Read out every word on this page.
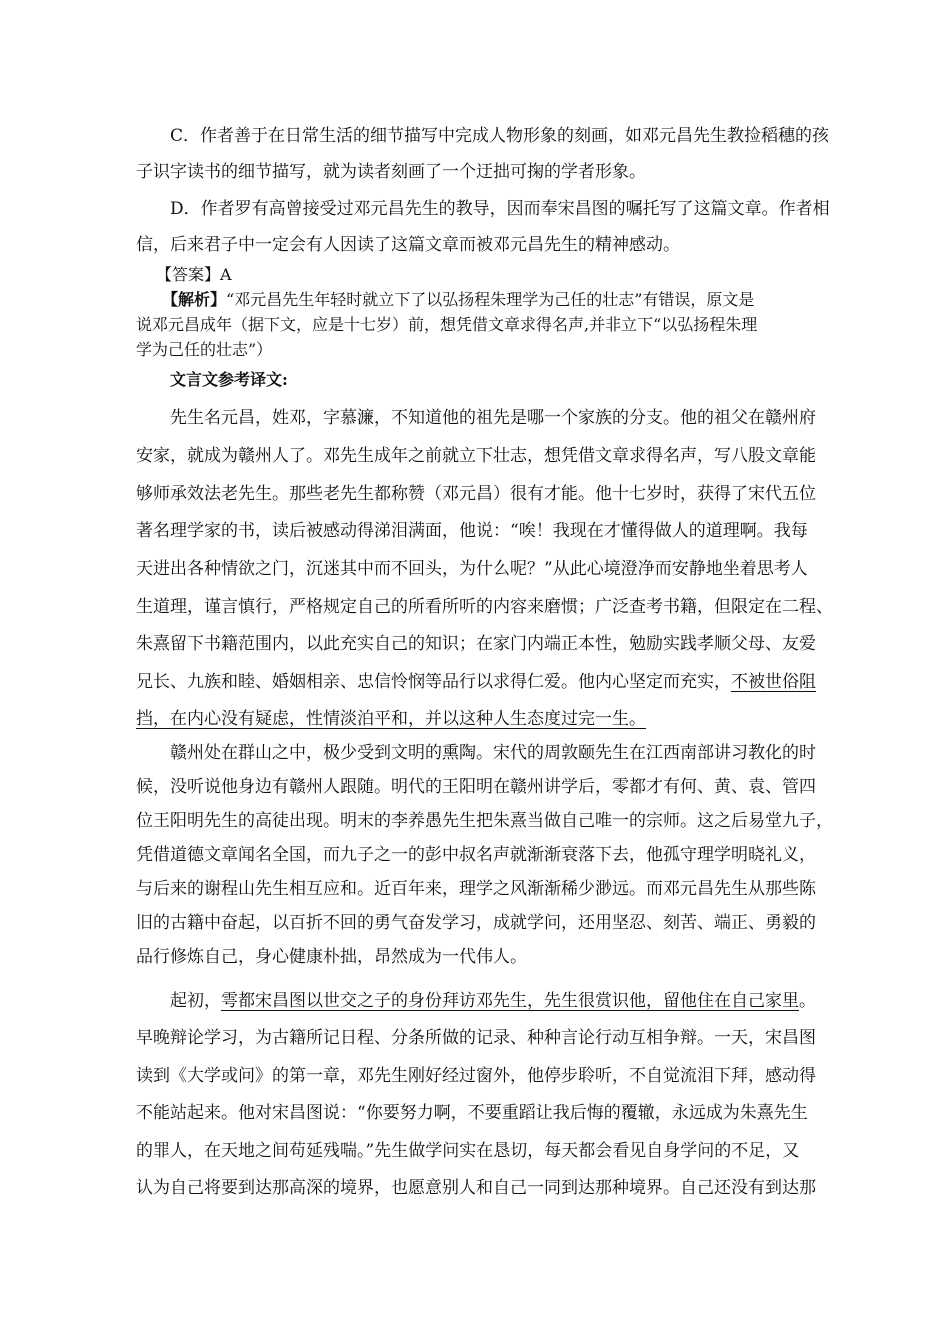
C．作者善于在日常生活的细节描写中完成人物形象的刻画，如邓元昌先生教捡稻穗的孩
子识字读书的细节描写，就为读者刻画了一个迂拙可掬的学者形象。
D．作者罗有高曾接受过邓元昌先生的教导，因而奉宋昌图的嘱托写了这篇文章。作者相
信，后来君子中一定会有人因读了这篇文章而被邓元昌先生的精神感动。
【答案】A
【解析】“邓元昌先生年轻时就立下了以弘扬程朱理学为己任的壮志”有错误，原文是
说邓元昌成年（据下文，应是十七岁）前，想凭借文章求得名声,并非立下“以弘扬程朱理
学为己任的壮志”）
文言文参考译文:
先生名元昌，姓邓，字慕濂，不知道他的祖先是哪一个家族的分支。他的祖父在赣州府
安家，就成为赣州人了。邓先生成年之前就立下壮志，想凭借文章求得名声，写八股文章能
够师承效法老先生。那些老先生都称赞（邓元昌）很有才能。他十七岁时，获得了宋代五位
著名理学家的书，读后被感动得涕泪满面，他说：“唉！我现在才懂得做人的道理啊。我每
天进出各种情欲之门，沉迷其中而不回头，为什么呢？”从此心境澄净而安静地坐着思考人
生道理，谨言慎行，严格规定自己的所看所听的内容来磨惯；广泛查考书籍，但限定在二程、
朱熹留下书籍范围内，以此充实自己的知识；在家门内端正本性，勉励实践孝顺父母、友爱
兄长、九族和睦、婚姻相亲、忠信怜悯等品行以求得仁爱。他内心坚定而充实，不被世俗阻
挡，在内心没有疑虑，性情淡泊平和，并以这种人生态度过完一生。
赣州处在群山之中，极少受到文明的熏陶。宋代的周敦颐先生在江西南部讲习教化的时
候，没听说他身边有赣州人跟随。明代的王阳明在赣州讲学后，零都才有何、黄、袁、管四
位王阳明先生的高徒出现。明末的李养愚先生把朱熹当做自己唯一的宗师。这之后易堂九子，
凭借道德文章闻名全国，而九子之一的彭中叔名声就渐渐衰落下去，他孤守理学明晓礼义，
与后来的谢程山先生相互应和。近百年来，理学之风渐渐稀少渺远。而邓元昌先生从那些陈
旧的古籍中奋起，以百折不回的勇气奋发学习，成就学问，还用坚忍、刻苦、端正、勇毅的
品行修炼自己，身心健康朴拙，昂然成为一代伟人。
起初，雩都宋昌图以世交之子的身份拜访邓先生，先生很赏识他，留他住在自己家里。
早晚辩论学习，为古籍所记日程、分条所做的记录、种种言论行动互相争辩。一天，宋昌图
读到《大学或问》的第一章，邓先生刚好经过窗外，他停步聆听，不自觉流泪下拜，感动得
不能站起来。他对宋昌图说：“你要努力啊，不要重蹈让我后悔的覆辙，永远成为朱熹先生
的罪人，在天地之间苟延残喘。”先生做学问实在恳切，每天都会看见自身学问的不足，又
认为自己将要到达那高深的境界，也愿意别人和自己一同到达那种境界。自己还没有到达那
